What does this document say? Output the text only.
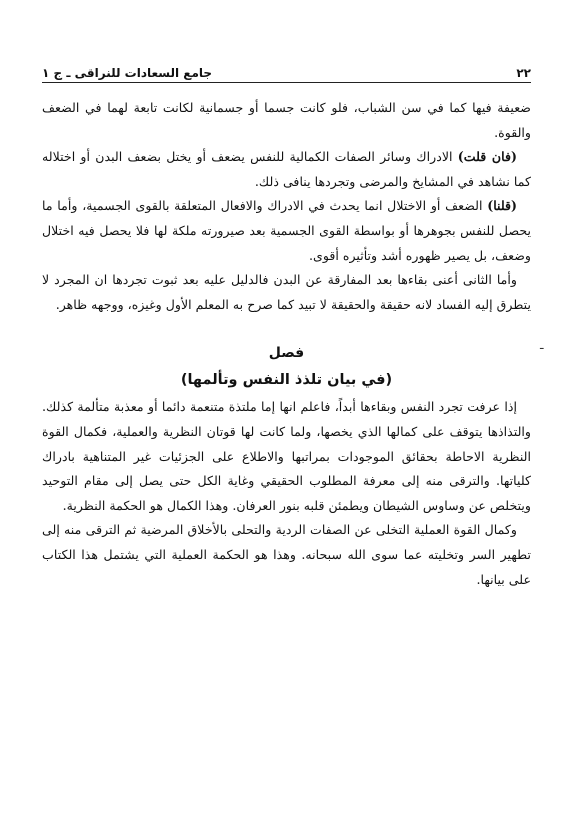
٢٢
جامع السعادات للنراقى ـ ج ١

ضعيفة فيها كما في سن الشباب، فلو كانت جسما أو جسمانية لكانت تابعة لهما في الضعف والقوة.

(فان قلت) الادراك وسائر الصفات الكمالية للنفس يضعف أو يختل بضعف البدن أو اختلاله كما نشاهد في المشايخ والمرضى وتجردها ينافى ذلك.

(قلنا) الضعف أو الاختلال انما يحدث في الادراك والافعال المتعلقة بالقوى الجسمية، وأما ما يحصل للنفس بجوهرها أو بواسطة القوى الجسمية بعد صيرورته ملكة لها فلا يحصل فيه اختلال وضعف، بل يصير ظهوره أشد وتأثيره أقوى.

وأما الثانى أعنى بقاءها بعد المفارقة عن البدن فالدليل عليه بعد ثبوت تجردها ان المجرد لا يتطرق إليه الفساد لانه حقيقة والحقيقة لا تبيد كما صرح به المعلم الأول وغيزه، ووجهه ظاهر.

فصل

(في بيان تلذذ النفس وتألمها)

إذا عرفت تجرد النفس وبقاءها أبداً، فاعلم انها إما ملتذة متنعمة دائما أو معذبة متألمة كذلك. والتذاذها يتوقف على كمالها الذي يخصها، ولما كانت لها قوتان النظرية والعملية، فكمال القوة النظرية الاحاطة بحقائق الموجودات بمراتبها والاطلاع على الجزئيات غير المتناهية بادراك كلياتها. والترقى منه إلى معرفة المطلوب الحقيقي وغاية الكل حتى يصل إلى مقام التوحيد ويتخلص عن وساوس الشيطان ويطمئن قلبه بنور العرفان. وهذا الكمال هو الحكمة النظرية.

وكمال القوة العملية التخلى عن الصفات الردية والتحلى بالأخلاق المرضية ثم الترقى منه إلى تطهير السر وتخليته عما سوى الله سبحانه. وهذا هو الحكمة العملية التي يشتمل هذا الكتاب على بيانها.

ـ
